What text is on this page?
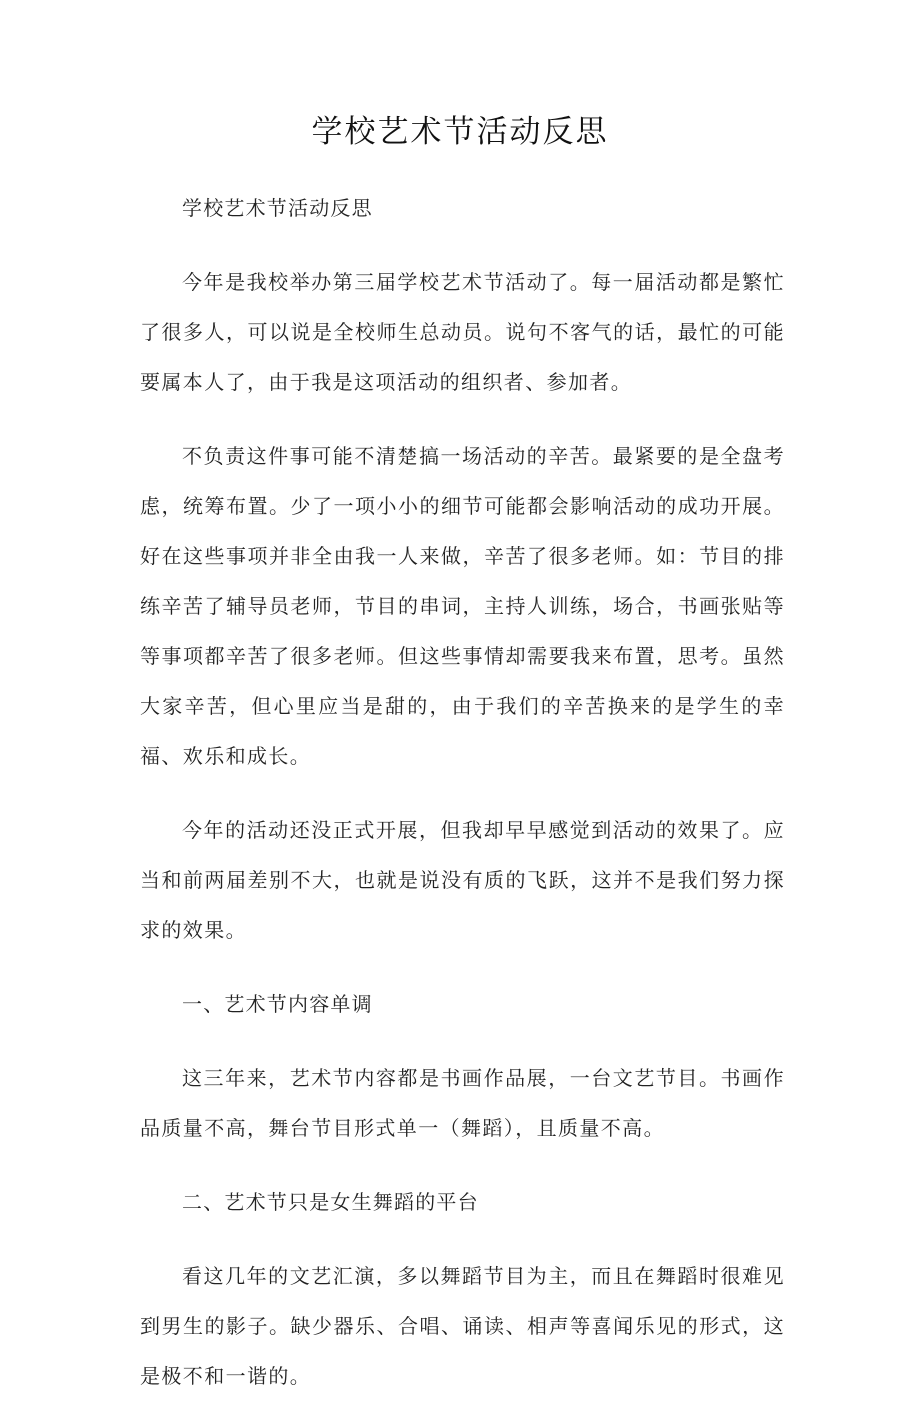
学校艺术节活动反思

学校艺术节活动反思

今年是我校举办第三届学校艺术节活动了。每一届活动都是繁忙了很多人，可以说是全校师生总动员。说句不客气的话，最忙的可能要属本人了，由于我是这项活动的组织者、参加者。

不负责这件事可能不清楚搞一场活动的辛苦。最紧要的是全盘考虑，统筹布置。少了一项小小的细节可能都会影响活动的成功开展。好在这些事项并非全由我一人来做，辛苦了很多老师。如：节目的排练辛苦了辅导员老师，节目的串词，主持人训练，场合，书画张贴等等事项都辛苦了很多老师。但这些事情却需要我来布置，思考。虽然大家辛苦，但心里应当是甜的，由于我们的辛苦换来的是学生的幸福、欢乐和成长。

今年的活动还没正式开展，但我却早早感觉到活动的效果了。应当和前两届差别不大，也就是说没有质的飞跃，这并不是我们努力探求的效果。

一、艺术节内容单调

这三年来，艺术节内容都是书画作品展，一台文艺节目。书画作品质量不高，舞台节目形式单一（舞蹈），且质量不高。

二、艺术节只是女生舞蹈的平台

看这几年的文艺汇演，多以舞蹈节目为主，而且在舞蹈时很难见到男生的影子。缺少器乐、合唱、诵读、相声等喜闻乐见的形式，这是极不和一谐的。
